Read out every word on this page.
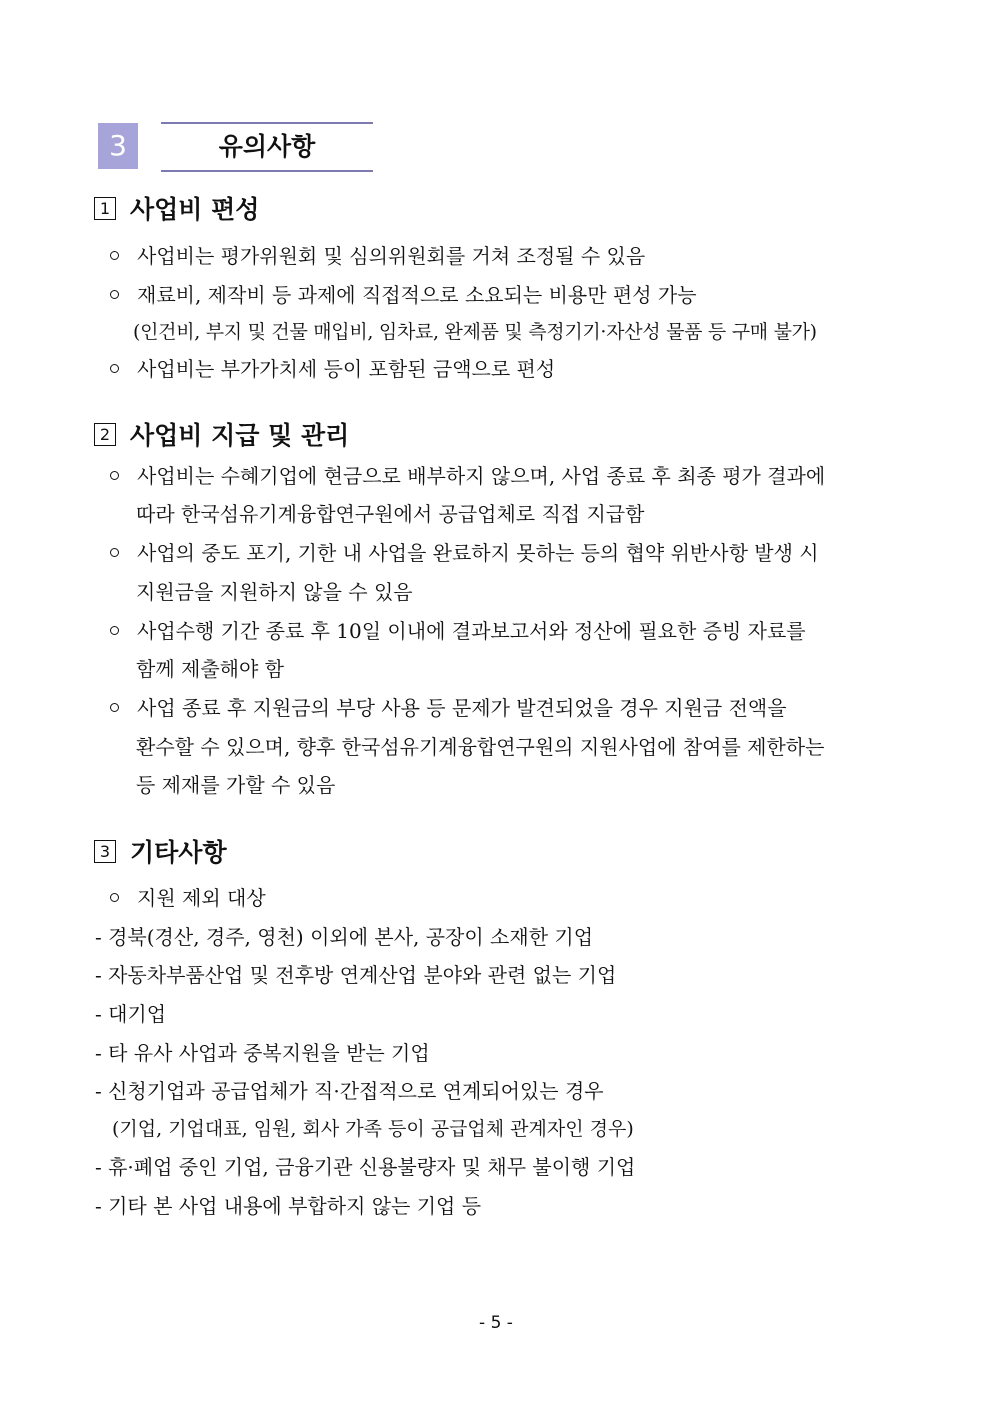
3	유의사항
1 사업비 편성
사업비는 평가위원회 및 심의위원회를 거쳐 조정될 수 있음
재료비, 제작비 등 과제에 직접적으로 소요되는 비용만 편성 가능
(인건비, 부지 및 건물 매입비, 임차료, 완제품 및 측정기기·자산성 물품 등 구매 불가)
사업비는 부가가치세 등이 포함된 금액으로 편성
2 사업비 지급 및 관리
사업비는 수혜기업에 현금으로 배부하지 않으며, 사업 종료 후 최종 평가 결과에
따라 한국섬유기계융합연구원에서 공급업체로 직접 지급함
사업의 중도 포기, 기한 내 사업을 완료하지 못하는 등의 협약 위반사항 발생 시
지원금을 지원하지 않을 수 있음
사업수행 기간 종료 후 10일 이내에 결과보고서와 정산에 필요한 증빙 자료를
함께 제출해야 함
사업 종료 후 지원금의 부당 사용 등 문제가 발견되었을 경우 지원금 전액을
환수할 수 있으며, 향후 한국섬유기계융합연구원의 지원사업에 참여를 제한하는
등 제재를 가할 수 있음
3 기타사항
지원 제외 대상
- 경북(경산, 경주, 영천) 이외에 본사, 공장이 소재한 기업
- 자동차부품산업 및 전후방 연계산업 분야와 관련 없는 기업
- 대기업
- 타 유사 사업과 중복지원을 받는 기업
- 신청기업과 공급업체가 직·간접적으로 연계되어있는 경우
(기업, 기업대표, 임원, 회사 가족 등이 공급업체 관계자인 경우)
- 휴·폐업 중인 기업, 금융기관 신용불량자 및 채무 불이행 기업
- 기타 본 사업 내용에 부합하지 않는 기업 등
- 5 -
